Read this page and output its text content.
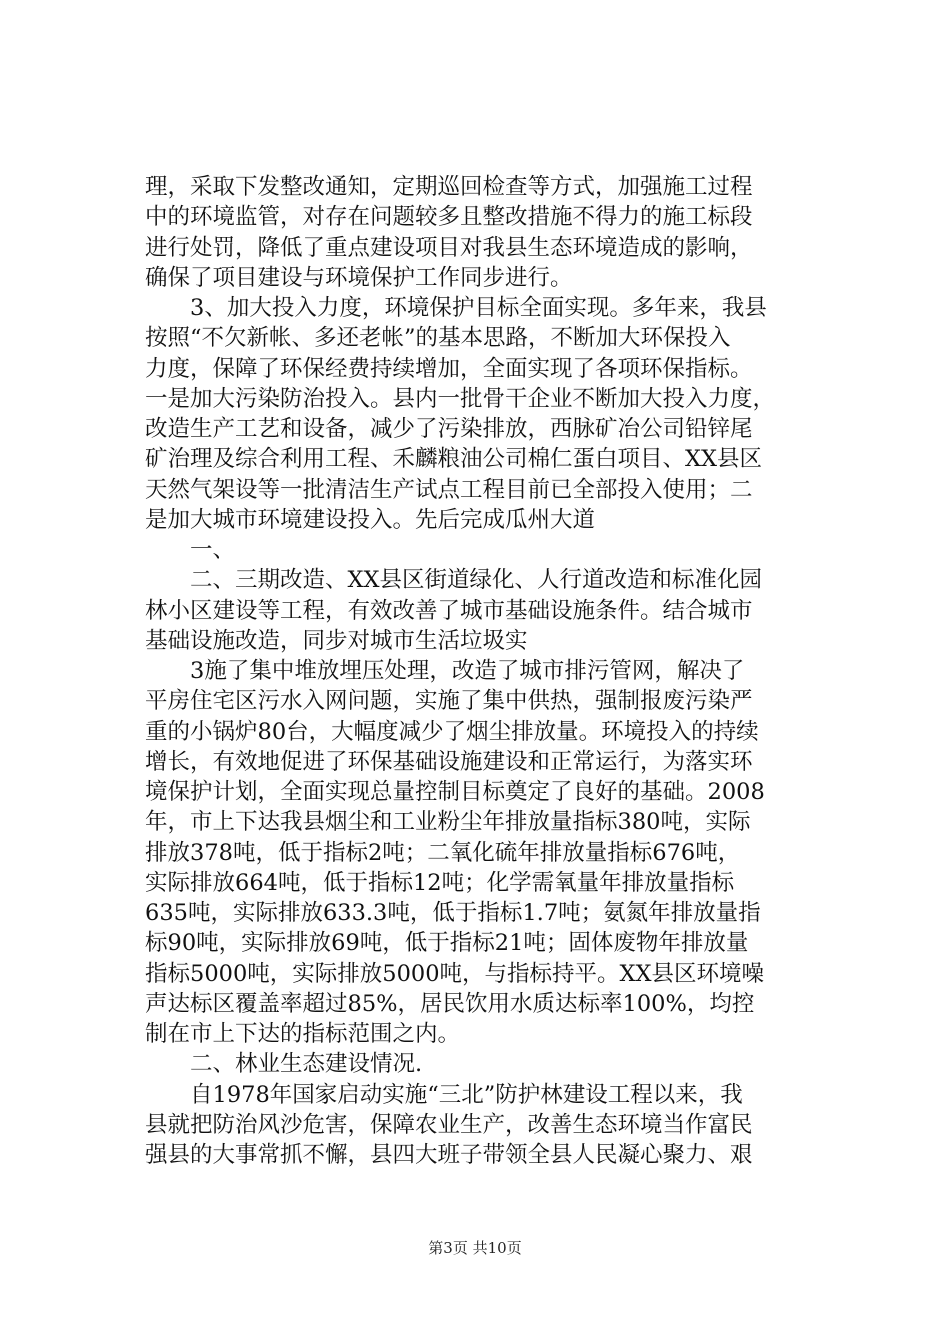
理，采取下发整改通知，定期巡回检查等方式，加强施工过程
中的环境监管，对存在问题较多且整改措施不得力的施工标段
进行处罚，降低了重点建设项目对我县生态环境造成的影响，
确保了项目建设与环境保护工作同步进行。
3、加大投入力度，环境保护目标全面实现。多年来，我县
按照“不欠新帐、多还老帐”的基本思路，不断加大环保投入
力度，保障了环保经费持续增加，全面实现了各项环保指标。
一是加大污染防治投入。县内一批骨干企业不断加大投入力度，
改造生产工艺和设备，减少了污染排放，西脉矿冶公司铅锌尾
矿治理及综合利用工程、禾麟粮油公司棉仁蛋白项目、XX县区
天然气架设等一批清洁生产试点工程目前已全部投入使用；二
是加大城市环境建设投入。先后完成瓜州大道
一、
二、三期改造、XX县区街道绿化、人行道改造和标准化园
林小区建设等工程，有效改善了城市基础设施条件。结合城市
基础设施改造，同步对城市生活垃圾实
3施了集中堆放埋压处理，改造了城市排污管网，解决了
平房住宅区污水入网问题，实施了集中供热，强制报废污染严
重的小锅炉80台，大幅度减少了烟尘排放量。环境投入的持续
增长，有效地促进了环保基础设施建设和正常运行，为落实环
境保护计划，全面实现总量控制目标奠定了良好的基础。2008
年，市上下达我县烟尘和工业粉尘年排放量指标380吨，实际
排放378吨，低于指标2吨；二氧化硫年排放量指标676吨，
实际排放664吨，低于指标12吨；化学需氧量年排放量指标
635吨，实际排放633.3吨，低于指标1.7吨；氨氮年排放量指
标90吨，实际排放69吨，低于指标21吨；固体废物年排放量
指标5000吨，实际排放5000吨，与指标持平。XX县区环境噪
声达标区覆盖率超过85%，居民饮用水质达标率100%，均控
制在市上下达的指标范围之内。
二、林业生态建设情况.
自1978年国家启动实施“三北”防护林建设工程以来，我
县就把防治风沙危害，保障农业生产，改善生态环境当作富民
强县的大事常抓不懈，县四大班子带领全县人民凝心聚力、艰
第3页 共10页
